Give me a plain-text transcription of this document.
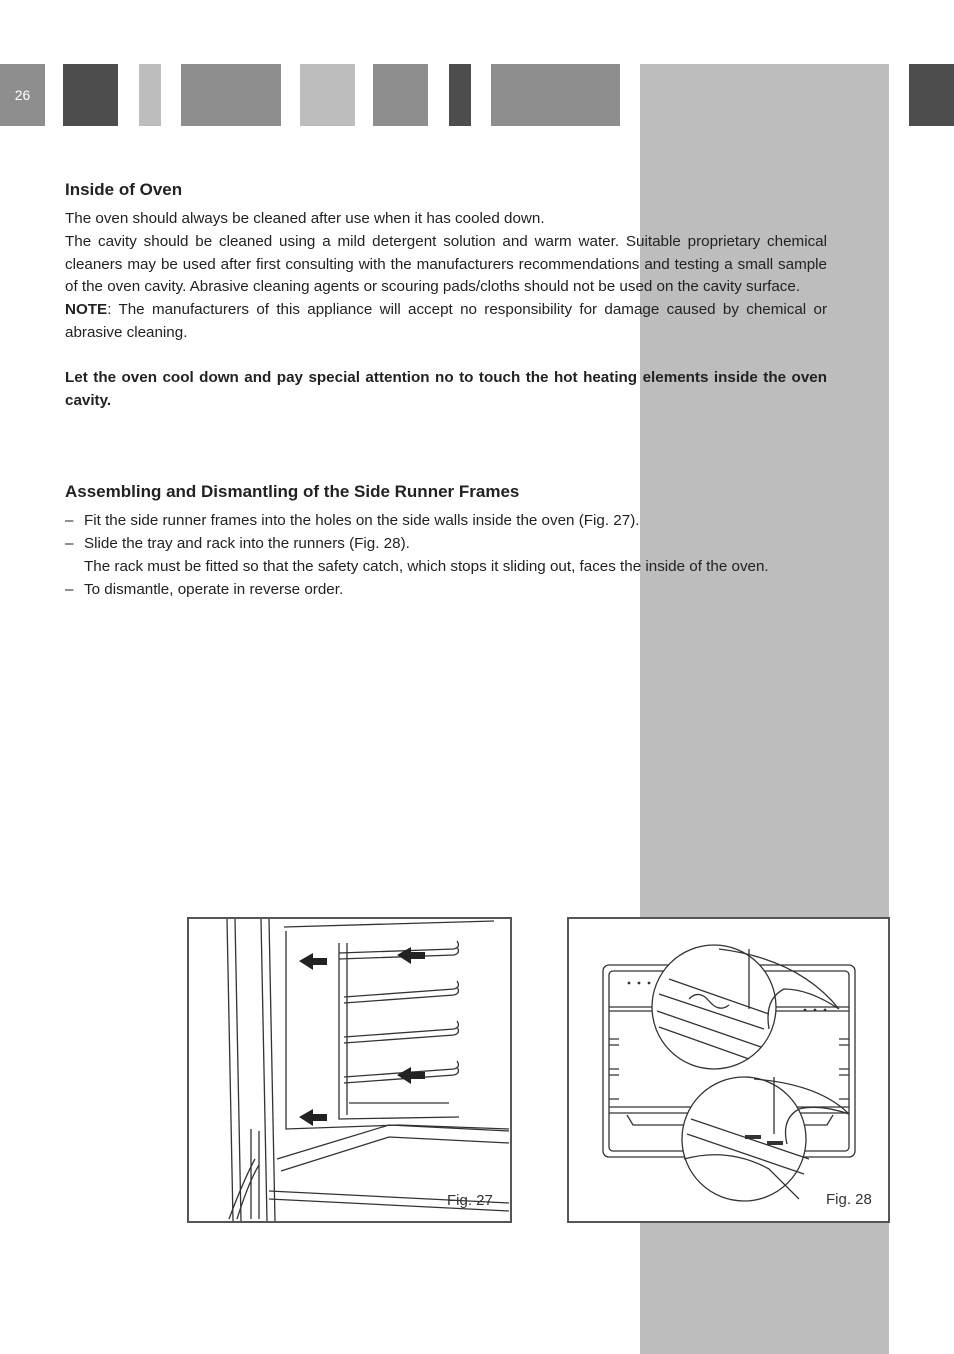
26
Inside of Oven

The oven should always be cleaned after use when it has cooled down.

The cavity should be cleaned using a mild detergent solution and warm water. Suitable proprietary chemical cleaners may be used after first consulting with the manufacturers recommendations and testing a small sample of the oven cavity. Abrasive cleaning agents or scouring pads/cloths should not be used on the cavity surface.

NOTE: The manufacturers of this appliance will accept no responsibility for damage caused by chemical or abrasive cleaning.

Let the oven cool down and pay special attention no to touch the hot heating elements inside the oven cavity.

Assembling and Dismantling of the Side Runner Frames
– Fit the side runner frames into the holes on the side walls inside the oven (Fig. 27).
– Slide the tray and rack into the runners (Fig. 28).
The rack must be fitted so that the safety catch, which stops it sliding out, faces the inside of the oven.
– To dismantle, operate in reverse order.
Fig. 27	Fig. 28
